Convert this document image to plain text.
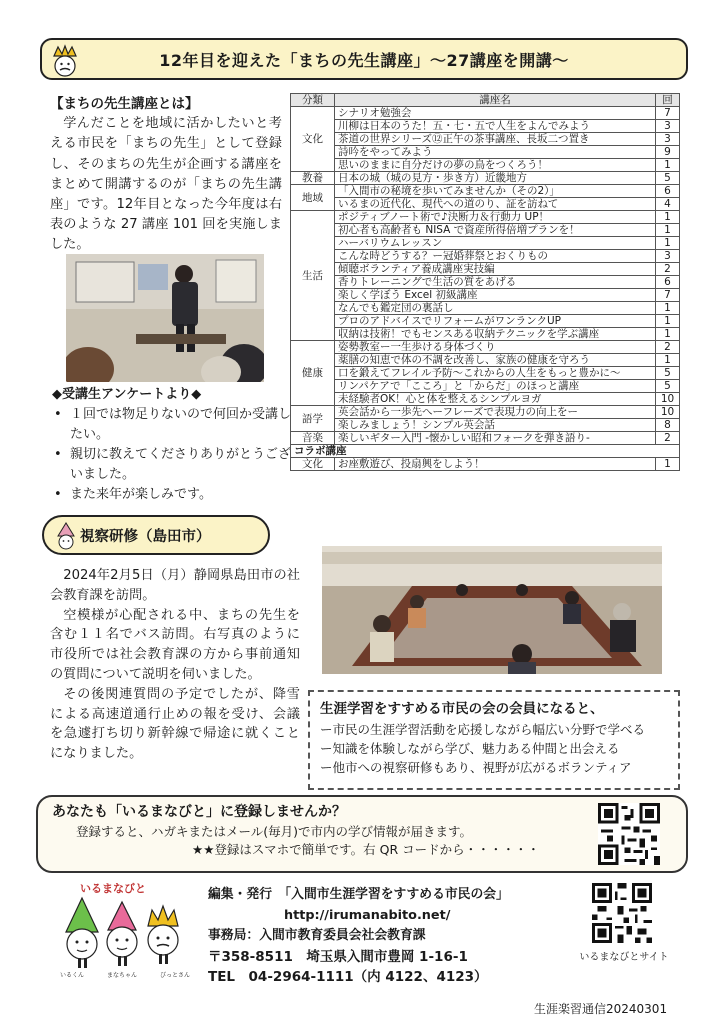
12年目を迎えた「まちの先生講座」～27講座を開講～
【まちの先生講座とは】

学んだことを地域に活かしたいと考える市民を「まちの先生」として登録し、そのまちの先生が企画する講座をまとめて開講するのが「まちの先生講座」です。12年目となった今年度は右表のような 27 講座 101 回を実施しました。

◆受講生アンケートより◆
• １回では物足りないので何回か受講したい。
• 親切に教えてくださりありがとうございました。
• また来年が楽しみです。
視察研修（島田市）

2024年2月5日（月）静岡県島田市の社会教育課を訪問。

空模様が心配される中、まちの先生を含む１１名でバス訪問。右写真のように市役所では社会教育課の方から事前通知の質問について説明を伺いました。

その後関連質問の予定でしたが、降雪による高速道通行止めの報を受け、会議を急遽打ち切り新幹線で帰途に就くことになりました。

分類	講座名	回
文化	シナリオ勉強会	7
	川柳は日本のうた！五・七・五で人生をよんでみよう	3
	茶道の世界シリーズ⑫正午の茶事講座、長坂二つ置き	3
	詩吟をやってみよう	9
	思いのままに自分だけの夢の鳥をつくろう！	1
教養	日本の城（城の見方・歩き方）近畿地方	5
地域	「入間市の秘境を歩いてみませんか（その2）」	6
	いるまの近代化、現代への道のり、証を訪ねて	4
生活	ポジティブノート術で♪決断力＆行動力 UP！	1
	初心者も高齢者も NISA で資産所得倍増プランを！	1
	ハーバリウムレッスン	1
	こんな時どうする？ー冠婚葬祭とおくりもの	3
	傾聴ボランティア養成講座実技編	2
	香りトレーニングで生活の質をあげる	6
	楽しく学ぼう Excel 初級講座	7
	なんでも鑑定団の裏話し	1
	プロのアドバイスでリフォームがワンランクUP	1
	収納は技術！でもセンスある収納テクニックを学ぶ講座	1
健康	姿勢教室ー一生歩ける身体づくり	2
	薬膳の知恵で体の不調を改善し、家族の健康を守ろう	1
	口を鍛えてフレイル予防〜これからの人生をもっと豊かに〜	5
	リンパケアで「こころ」と「からだ」のほっと講座	5
	未経験者OK！心と体を整えるシンプルヨガ	10
語学	英会話から一歩先へーフレーズで表現力の向上をー	10
	楽しみましょう！シンプル英会話	8
音楽	楽しいギター入門 -懐かしい昭和フォークを弾き語り-	2
コラボ講座		
文化	お座敷遊び、投扇興をしよう！	1
生涯学習をすすめる市民の会の会員になると、
ー市民の生涯学習活動を応援しながら幅広い分野で学べる
ー知識を体験しながら学び、魅力ある仲間と出会える
ー他市への視察研修もあり、視野が広がるボランティア
あなたも「いるまなびと」に登録しませんか？
登録すると、ハガキまたはメール(毎月)で市内の学び情報が届きます。
★★登録はスマホで簡単です。右 QR コードから・・・・・・
いるまなびと
いるくん	まなちゃん	びっとさん
編集・発行　「入間市生涯学習をすすめる市民の会」
http://irumanabito.net/
事務局：入間市教育委員会社会教育課
〒358-8511　埼玉県入間市豊岡 1-16-1
TEL　04-2964-1111（内 4122、4123）
いるまなびとサイト
生涯楽習通信20240301
